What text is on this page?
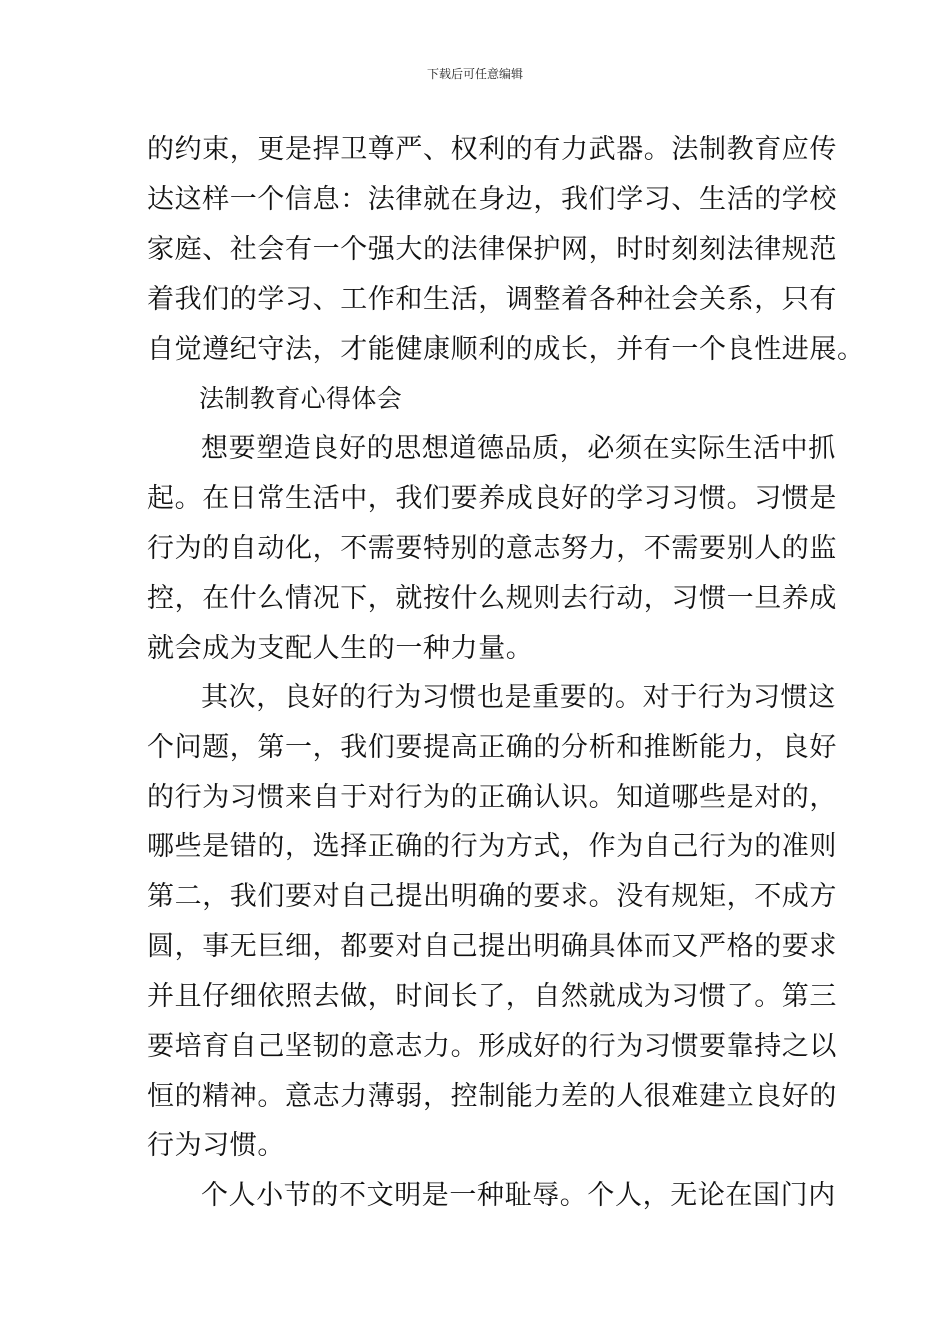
下载后可任意编辑
的约束，更是捍卫尊严、权利的有力武器。法制教育应传
达这样一个信息：法律就在身边，我们学习、生活的学校
家庭、社会有一个强大的法律保护网，时时刻刻法律规范
着我们的学习、工作和生活，调整着各种社会关系，只有
自觉遵纪守法，才能健康顺利的成长，并有一个良性进展。
法制教育心得体会
想要塑造良好的思想道德品质，必须在实际生活中抓
起。在日常生活中，我们要养成良好的学习习惯。习惯是
行为的自动化，不需要特别的意志努力，不需要别人的监
控，在什么情况下，就按什么规则去行动，习惯一旦养成
就会成为支配人生的一种力量。
其次，良好的行为习惯也是重要的。对于行为习惯这
个问题，第一，我们要提高正确的分析和推断能力，良好
的行为习惯来自于对行为的正确认识。知道哪些是对的，
哪些是错的，选择正确的行为方式，作为自己行为的准则
第二，我们要对自己提出明确的要求。没有规矩，不成方
圆，事无巨细，都要对自己提出明确具体而又严格的要求
并且仔细依照去做，时间长了，自然就成为习惯了。第三
要培育自己坚韧的意志力。形成好的行为习惯要靠持之以
恒的精神。意志力薄弱，控制能力差的人很难建立良好的
行为习惯。
个人小节的不文明是一种耻辱。个人，无论在国门内
